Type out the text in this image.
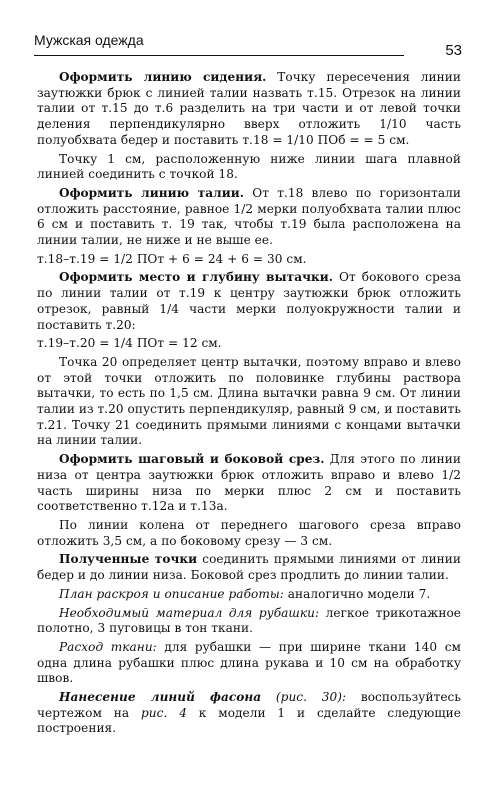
Мужская одежда
53

Оформить линию сидения. Точку пересечения линии заутюжки брюк с линией талии назвать т.15. Отрезок на линии талии от т.15 до т.6 разделить на три части и от левой точки деления перпендикулярно вверх отложить 1/10 часть полуобхвата бедер и поставить т.18 = 1/10 ПОб = = 5 см.

Точку 1 см, расположенную ниже линии шага плавной линией соединить с точкой 18.

Оформить линию талии. От т.18 влево по горизонтали отложить расстояние, равное 1/2 мерки полуобхвата талии плюс 6 см и поставить т. 19 так, чтобы т.19 была расположена на линии талии, не ниже и не выше ее.

т.18–т.19 = 1/2 ПОт + 6 = 24 + 6 = 30 см.

Оформить место и глубину вытачки. От бокового среза по линии талии от т.19 к центру заутюжки брюк отложить отрезок, равный 1/4 части мерки полуокружности талии и поставить т.20:

т.19–т.20 = 1/4 ПОт = 12 см.

Точка 20 определяет центр вытачки, поэтому вправо и влево от этой точки отложить по половинке глубины раствора вытачки, то есть по 1,5 см. Длина вытачки равна 9 см. От линии талии из т.20 опустить перпендикуляр, равный 9 см, и поставить т.21. Точку 21 соединить прямыми линиями с концами вытачки на линии талии.

Оформить шаговый и боковой срез. Для этого по линии низа от центра заутюжки брюк отложить вправо и влево 1/2 часть ширины низа по мерки плюс 2 см и поставить соответственно т.12а и т.13а.

По линии колена от переднего шагового среза вправо отложить 3,5 см, а по боковому срезу — 3 см.

Полученные точки соединить прямыми линиями от линии бедер и до линии низа. Боковой срез продлить до линии талии.

План раскроя и описание работы: аналогично модели 7.

Необходимый материал для рубашки: легкое трикотажное полотно, 3 пуговицы в тон ткани.

Расход ткани: для рубашки — при ширине ткани 140 см одна длина рубашки плюс длина рукава и 10 см на обработку швов.

Нанесение линий фасона (рис. 30): воспользуйтесь чертежом на рис. 4 к модели 1 и сделайте следующие построения.
